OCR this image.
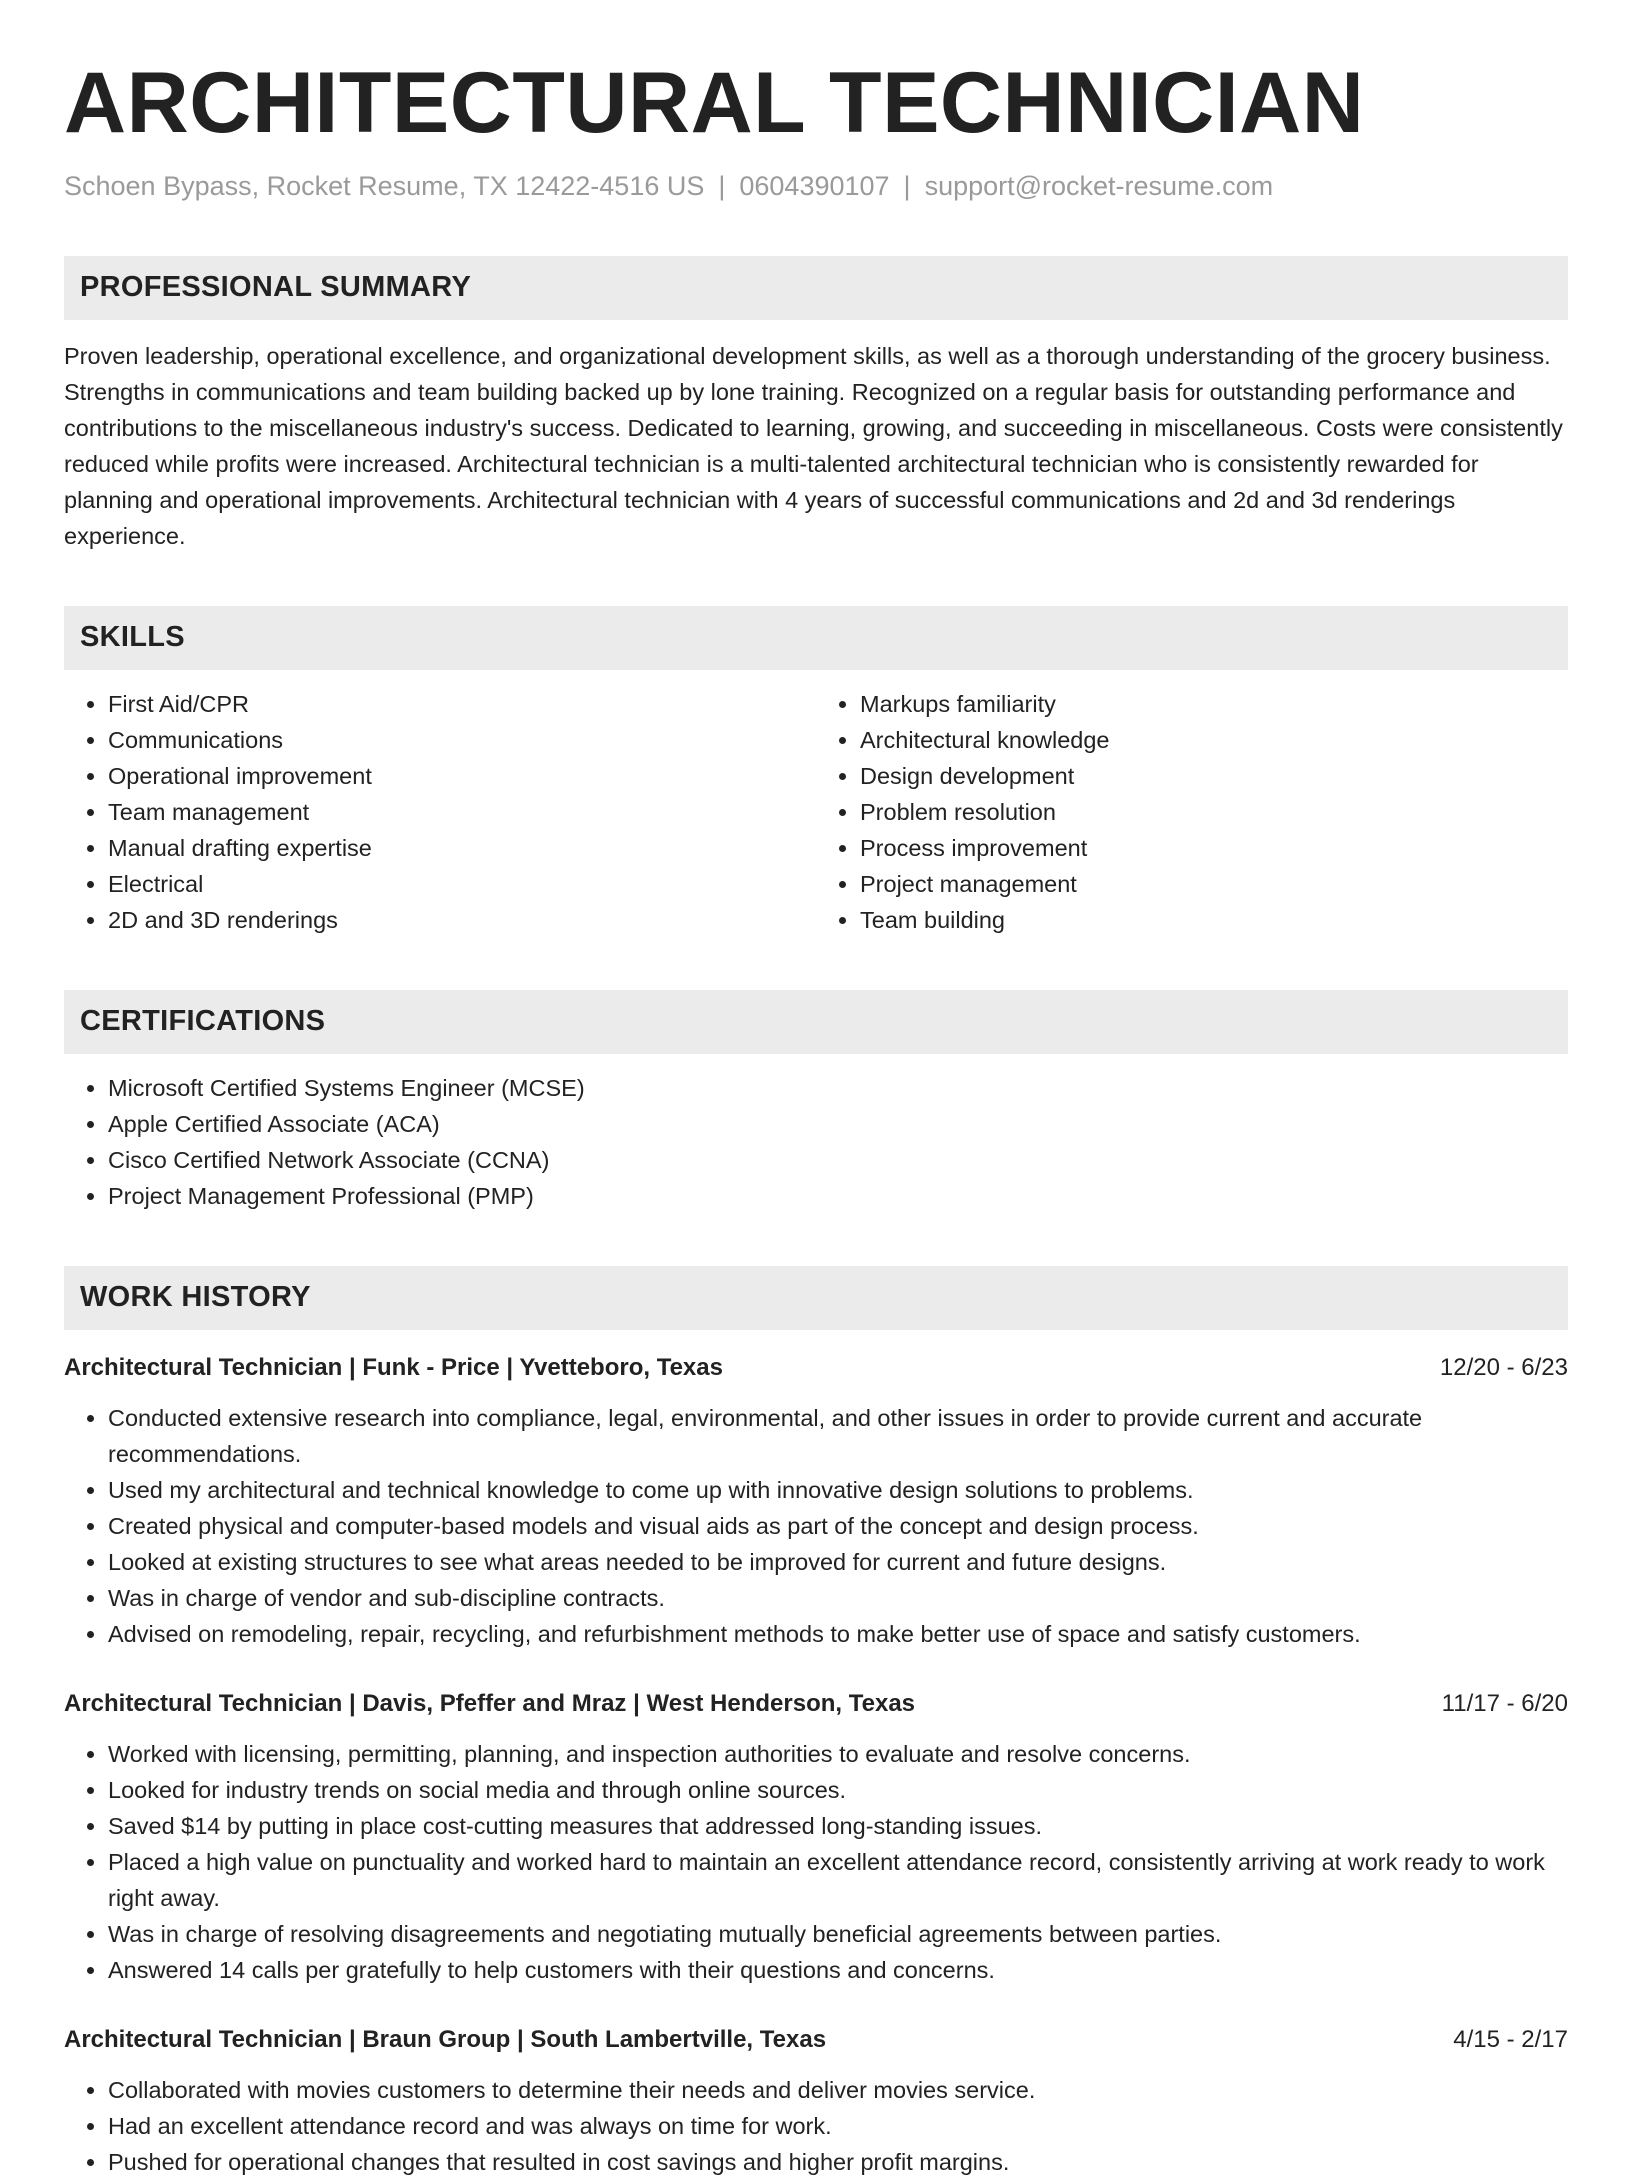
ARCHITECTURAL TECHNICIAN
Schoen Bypass, Rocket Resume, TX 12422-4516 US | 0604390107 | support@rocket-resume.com
PROFESSIONAL SUMMARY

Proven leadership, operational excellence, and organizational development skills, as well as a thorough understanding of the grocery business. Strengths in communications and team building backed up by lone training. Recognized on a regular basis for outstanding performance and contributions to the miscellaneous industry's success. Dedicated to learning, growing, and succeeding in miscellaneous. Costs were consistently reduced while profits were increased. Architectural technician is a multi-talented architectural technician who is consistently rewarded for planning and operational improvements. Architectural technician with 4 years of successful communications and 2d and 3d renderings experience.

SKILLS
• First Aid/CPR
• Communications
• Operational improvement
• Team management
• Manual drafting expertise
• Electrical
• 2D and 3D renderings
• Markups familiarity
• Architectural knowledge
• Design development
• Problem resolution
• Process improvement
• Project management
• Team building
CERTIFICATIONS
• Microsoft Certified Systems Engineer (MCSE)
• Apple Certified Associate (ACA)
• Cisco Certified Network Associate (CCNA)
• Project Management Professional (PMP)
WORK HISTORY
Architectural Technician | Funk - Price | Yvetteboro, Texas	12/20 - 6/23
• Conducted extensive research into compliance, legal, environmental, and other issues in order to provide current and accurate recommendations.
• Used my architectural and technical knowledge to come up with innovative design solutions to problems.
• Created physical and computer-based models and visual aids as part of the concept and design process.
• Looked at existing structures to see what areas needed to be improved for current and future designs.
• Was in charge of vendor and sub-discipline contracts.
• Advised on remodeling, repair, recycling, and refurbishment methods to make better use of space and satisfy customers.
Architectural Technician | Davis, Pfeffer and Mraz | West Henderson, Texas	11/17 - 6/20
• Worked with licensing, permitting, planning, and inspection authorities to evaluate and resolve concerns.
• Looked for industry trends on social media and through online sources.
• Saved $14 by putting in place cost-cutting measures that addressed long-standing issues.
• Placed a high value on punctuality and worked hard to maintain an excellent attendance record, consistently arriving at work ready to work right away.
• Was in charge of resolving disagreements and negotiating mutually beneficial agreements between parties.
• Answered 14 calls per gratefully to help customers with their questions and concerns.
Architectural Technician | Braun Group | South Lambertville, Texas	4/15 - 2/17
• Collaborated with movies customers to determine their needs and deliver movies service.
• Had an excellent attendance record and was always on time for work.
• Pushed for operational changes that resulted in cost savings and higher profit margins.
